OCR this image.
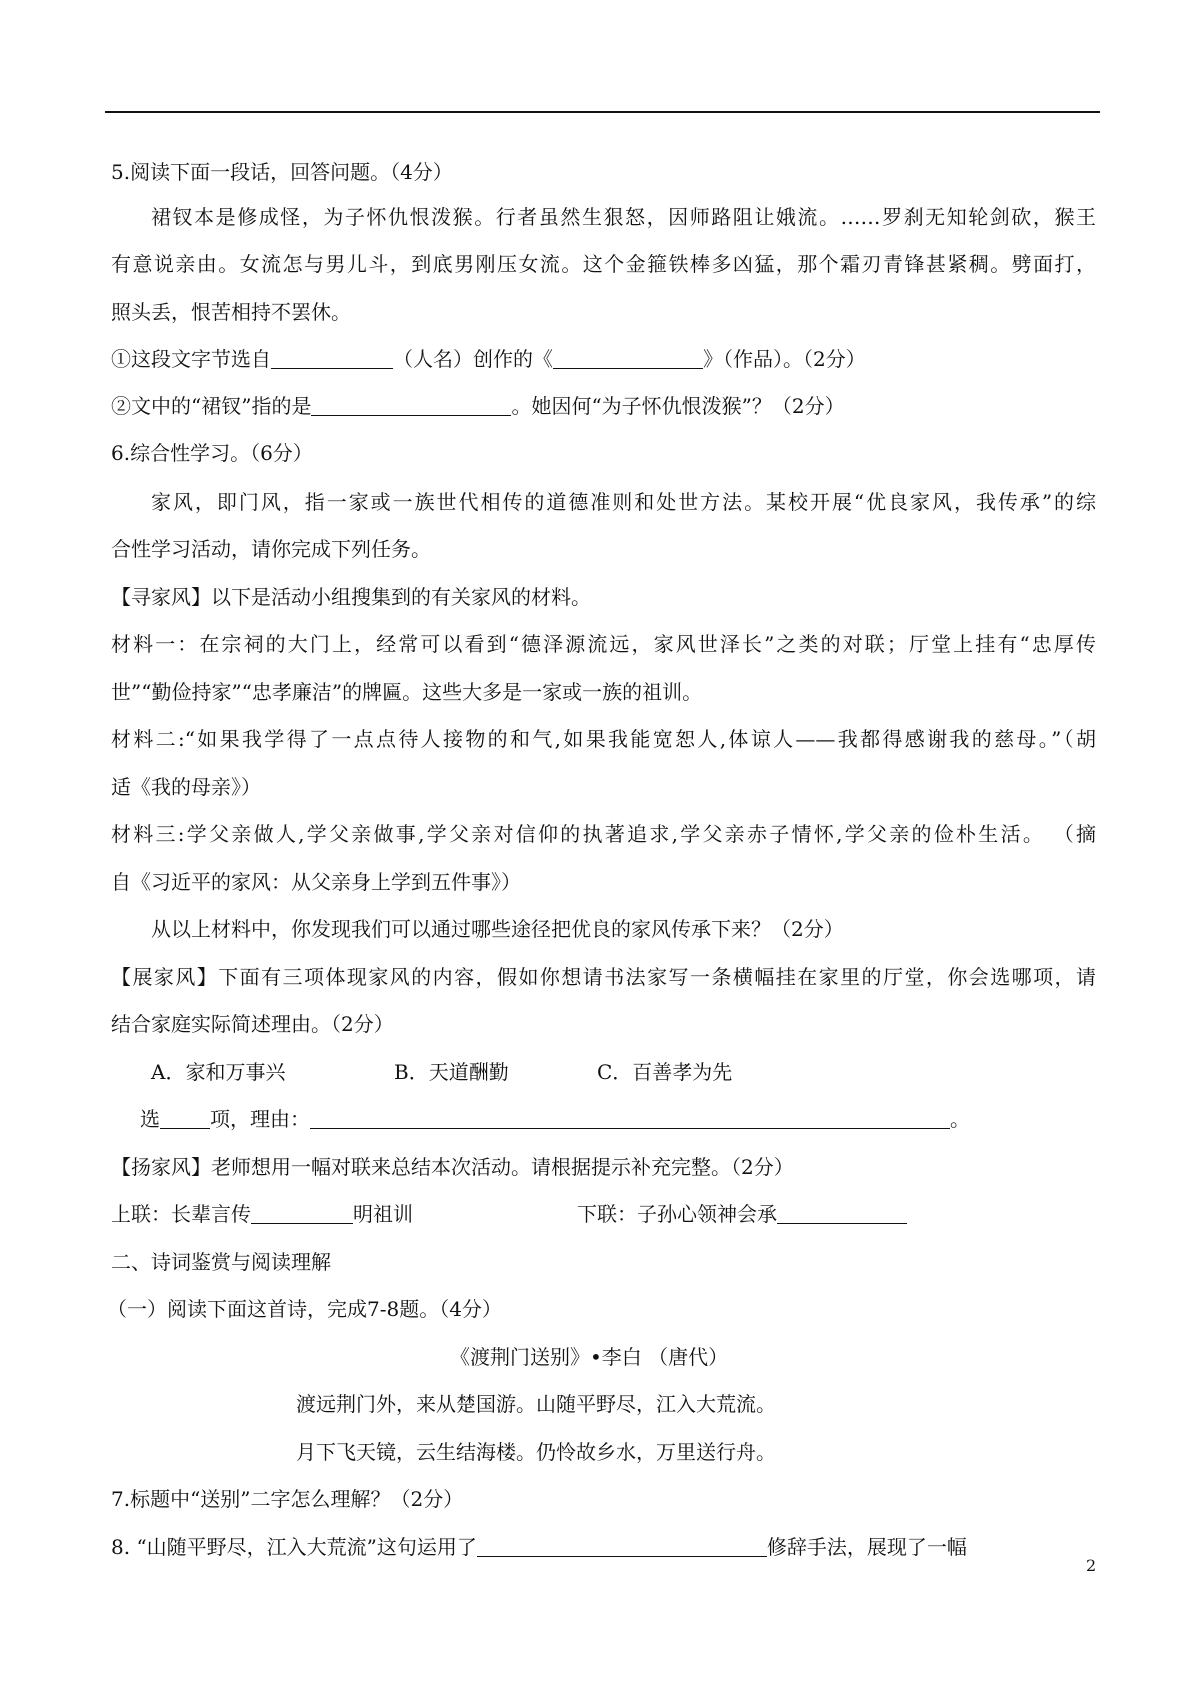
5.阅读下面一段话，回答问题。（4分）
裙钗本是修成怪，为子怀仇恨泼猴。行者虽然生狠怒，因师路阻让娥流。……罗刹无知轮剑砍，猴王
有意说亲由。女流怎与男儿斗，到底男刚压女流。这个金箍铁棒多凶猛，那个霜刃青锋甚紧稠。劈面打，
照头丢，恨苦相持不罢休。
①这段文字节选自	（人名）创作的《	》（作品）。（2分）
②文中的“裙钗”指的是	。她因何“为子怀仇恨泼猴”？（2分）
6.综合性学习。（6分）
家风，即门风，指一家或一族世代相传的道德准则和处世方法。某校开展“优良家风，我传承”的综
合性学习活动，请你完成下列任务。
【寻家风】以下是活动小组搜集到的有关家风的材料。
材料一：在宗祠的大门上，经常可以看到“德泽源流远，家风世泽长”之类的对联；厅堂上挂有“忠厚传
世”“勤俭持家”“忠孝廉洁”的牌匾。这些大多是一家或一族的祖训。
材料二:“如果我学得了一点点待人接物的和气,如果我能宽恕人,体谅人——我都得感谢我的慈母。”（胡
适《我的母亲》）
材料三:学父亲做人,学父亲做事,学父亲对信仰的执著追求,学父亲赤子情怀,学父亲的俭朴生活。 （摘
自《习近平的家风：从父亲身上学到五件事》）
从以上材料中，你发现我们可以通过哪些途径把优良的家风传承下来？（2分）
【展家风】下面有三项体现家风的内容，假如你想请书法家写一条横幅挂在家里的厅堂，你会选哪项，请
结合家庭实际简述理由。（2分）
A．家和万事兴	B．天道酬勤	C．百善孝为先
选	项，理由：	。
【扬家风】老师想用一幅对联来总结本次活动。请根据提示补充完整。（2分）
上联：长辈言传	明祖训	下联：子孙心领神会承
二、诗词鉴赏与阅读理解
（一）阅读下面这首诗，完成7-8题。（4分）
《渡荆门送别》•李白 （唐代）
渡远荆门外，来从楚国游。山随平野尽，江入大荒流。
月下飞天镜，云生结海楼。仍怜故乡水，万里送行舟。
7.标题中“送别”二字怎么理解？（2分）
8. “山随平野尽，江入大荒流”这句运用了	修辞手法，展现了一幅
2
